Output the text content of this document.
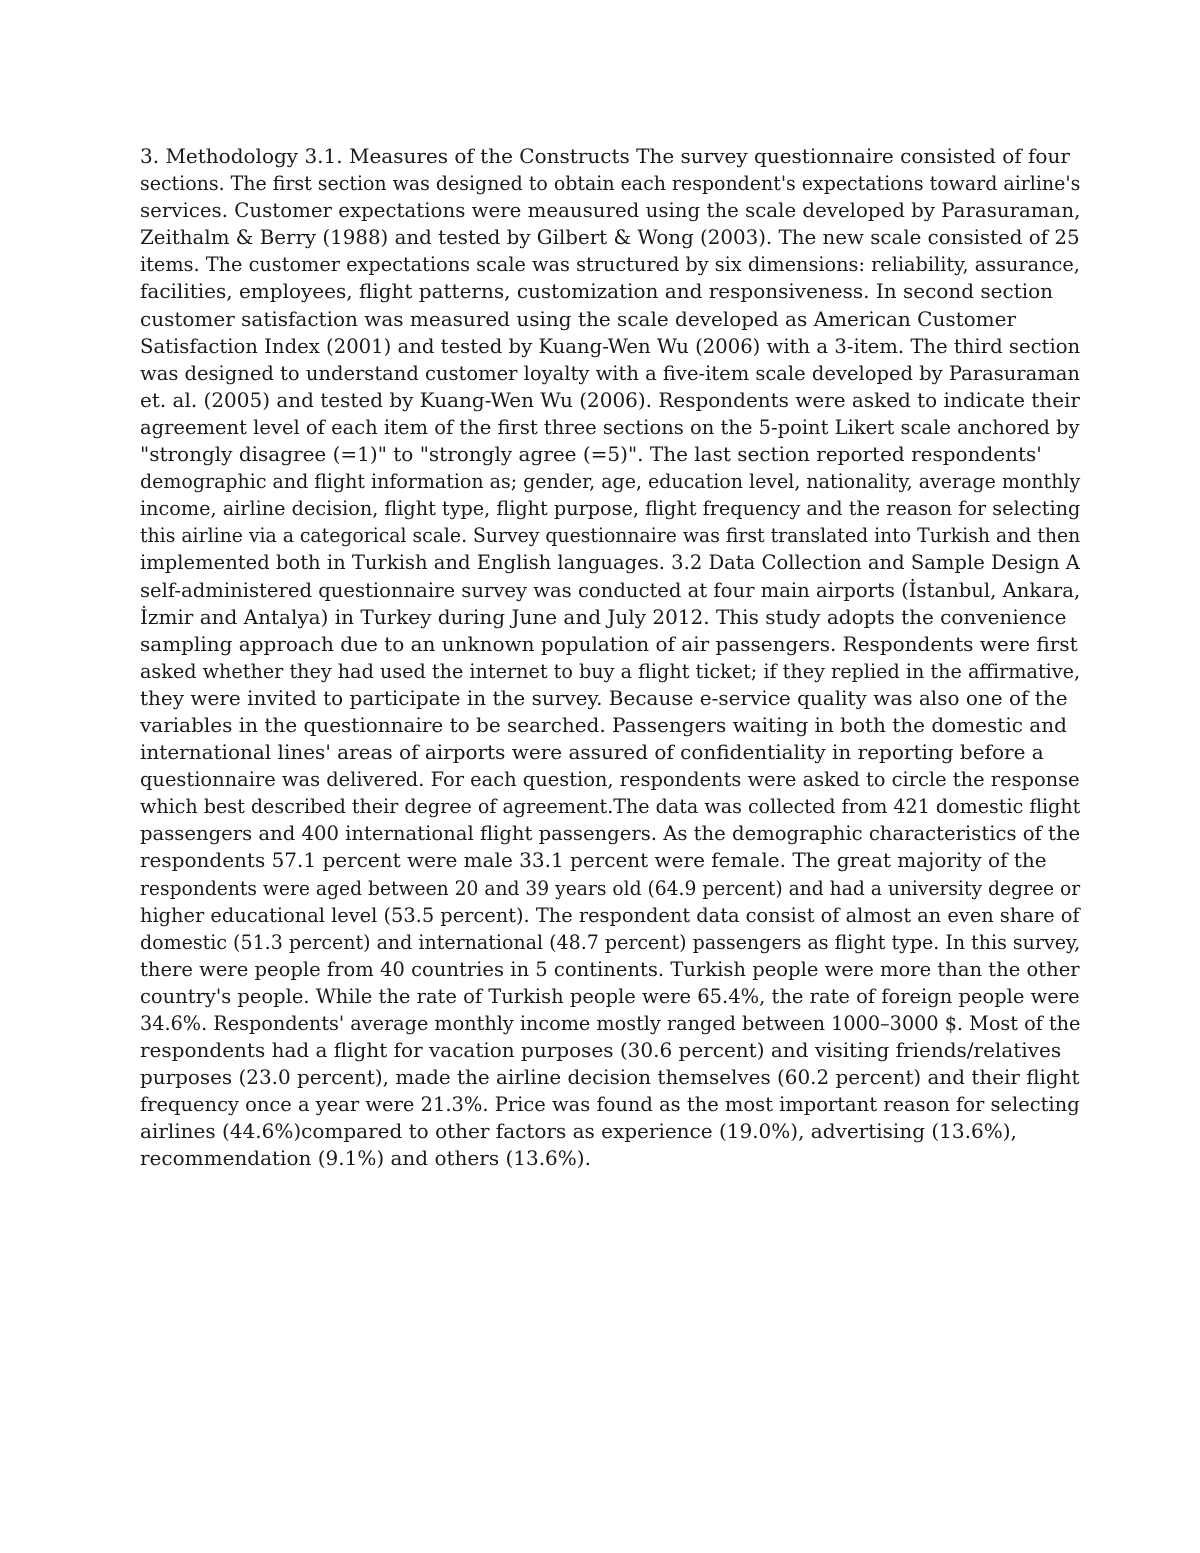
3. Methodology 3.1. Measures of the Constructs The survey questionnaire consisted of four
sections. The first section was designed to obtain each respondent's expectations toward airline's
services. Customer expectations were meausured using the scale developed by Parasuraman,
Zeithalm & Berry (1988) and tested by Gilbert & Wong (2003). The new scale consisted of 25
items. The customer expectations scale was structured by six dimensions: reliability, assurance,
facilities, employees, flight patterns, customization and responsiveness. In second section
customer satisfaction was measured using the scale developed as American Customer
Satisfaction Index (2001) and tested by Kuang-Wen Wu (2006) with a 3-item. The third section
was designed to understand customer loyalty with a five-item scale developed by Parasuraman
et. al. (2005) and tested by Kuang-Wen Wu (2006). Respondents were asked to indicate their
agreement level of each item of the first three sections on the 5-point Likert scale anchored by
"strongly disagree (=1)" to "strongly agree (=5)". The last section reported respondents'
demographic and flight information as; gender, age, education level, nationality, average monthly
income, airline decision, flight type, flight purpose, flight frequency and the reason for selecting
this airline via a categorical scale. Survey questionnaire was first translated into Turkish and then
implemented both in Turkish and English languages. 3.2 Data Collection and Sample Design A
self-administered questionnaire survey was conducted at four main airports (İstanbul, Ankara,
İzmir and Antalya) in Turkey during June and July 2012. This study adopts the convenience
sampling approach due to an unknown population of air passengers. Respondents were first
asked whether they had used the internet to buy a flight ticket; if they replied in the affirmative,
they were invited to participate in the survey. Because e-service quality was also one of the
variables in the questionnaire to be searched. Passengers waiting in both the domestic and
international lines' areas of airports were assured of confidentiality in reporting before a
questionnaire was delivered. For each question, respondents were asked to circle the response
which best described their degree of agreement.The data was collected from 421 domestic flight
passengers and 400 international flight passengers. As the demographic characteristics of the
respondents 57.1 percent were male 33.1 percent were female. The great majority of the
respondents were aged between 20 and 39 years old (64.9 percent) and had a university degree or
higher educational level (53.5 percent). The respondent data consist of almost an even share of
domestic (51.3 percent) and international (48.7 percent) passengers as flight type. In this survey,
there were people from 40 countries in 5 continents. Turkish people were more than the other
country's people. While the rate of Turkish people were 65.4%, the rate of foreign people were
34.6%. Respondents' average monthly income mostly ranged between 1000–3000 $. Most of the
respondents had a flight for vacation purposes (30.6 percent) and visiting friends/relatives
purposes (23.0 percent), made the airline decision themselves (60.2 percent) and their flight
frequency once a year were 21.3%. Price was found as the most important reason for selecting
airlines (44.6%)compared to other factors as experience (19.0%), advertising (13.6%),
recommendation (9.1%) and others (13.6%).
